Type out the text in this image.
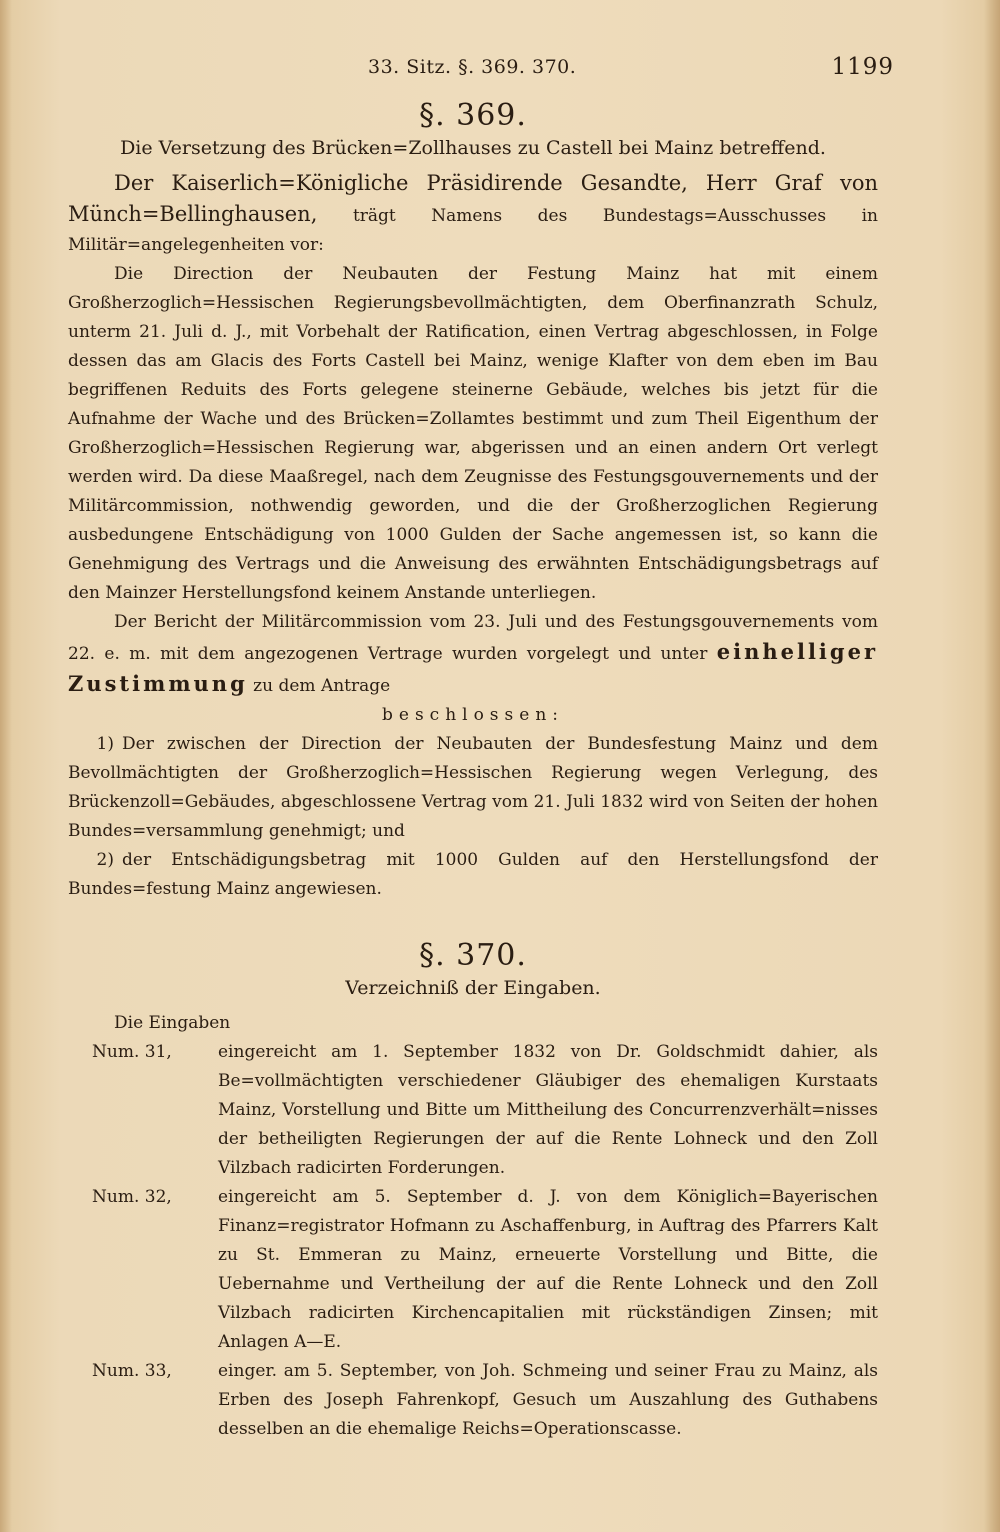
33. Sitz. §. 369. 370.	1199
§. 369.
Die Versetzung des Brücken=Zollhauses zu Castell bei Mainz betreffend.

Der Kaiserlich=Königliche Präsidirende Gesandte, Herr Graf von Münch=Bellinghausen, trägt Namens des Bundestags=Ausschusses in Militär=angelegenheiten vor:

Die Direction der Neubauten der Festung Mainz hat mit einem Großherzoglich=Hessischen Regierungsbevollmächtigten, dem Oberfinanzrath Schulz, unterm 21. Juli d. J., mit Vorbehalt der Ratification, einen Vertrag abgeschlossen, in Folge dessen das am Glacis des Forts Castell bei Mainz, wenige Klafter von dem eben im Bau begriffenen Reduits des Forts gelegene steinerne Gebäude, welches bis jetzt für die Aufnahme der Wache und des Brücken=Zollamtes bestimmt und zum Theil Eigenthum der Großherzoglich=Hessischen Regierung war, abgerissen und an einen andern Ort verlegt werden wird. Da diese Maaßregel, nach dem Zeugnisse des Festungsgouvernements und der Militärcommission, nothwendig geworden, und die der Großherzoglichen Regierung ausbedungene Entschädigung von 1000 Gulden der Sache angemessen ist, so kann die Genehmigung des Vertrags und die Anweisung des erwähnten Entschädigungsbetrags auf den Mainzer Herstellungsfond keinem Anstande unterliegen.

Der Bericht der Militärcommission vom 23. Juli und des Festungsgouvernements vom 22. e. m. mit dem angezogenen Vertrage wurden vorgelegt und unter einhelliger Zustimmung zu dem Antrage

beschlossen:

1) Der zwischen der Direction der Neubauten der Bundesfestung Mainz und dem Bevollmächtigten der Großherzoglich=Hessischen Regierung wegen Verlegung, des Brückenzoll=Gebäudes, abgeschlossene Vertrag vom 21. Juli 1832 wird von Seiten der hohen Bundes=versammlung genehmigt; und

2) der Entschädigungsbetrag mit 1000 Gulden auf den Herstellungsfond der Bundes=festung Mainz angewiesen.

§. 370.
Verzeichniß der Eingaben.

Die Eingaben

Num. 31,	eingereicht am 1. September 1832 von Dr. Goldschmidt dahier, als Be=vollmächtigten verschiedener Gläubiger des ehemaligen Kurstaats Mainz, Vorstellung und Bitte um Mittheilung des Concurrenzverhält=nisses der betheiligten Regierungen der auf die Rente Lohneck und den Zoll Vilzbach radicirten Forderungen.
Num. 32,	eingereicht am 5. September d. J. von dem Königlich=Bayerischen Finanz=registrator Hofmann zu Aschaffenburg, in Auftrag des Pfarrers Kalt zu St. Emmeran zu Mainz, erneuerte Vorstellung und Bitte, die Uebernahme und Vertheilung der auf die Rente Lohneck und den Zoll Vilzbach radicirten Kirchencapitalien mit rückständigen Zinsen; mit Anlagen A—E.
Num. 33,	einger. am 5. September, von Joh. Schmeing und seiner Frau zu Mainz, als Erben des Joseph Fahrenkopf, Gesuch um Auszahlung des Guthabens desselben an die ehemalige Reichs=Operationscasse.
